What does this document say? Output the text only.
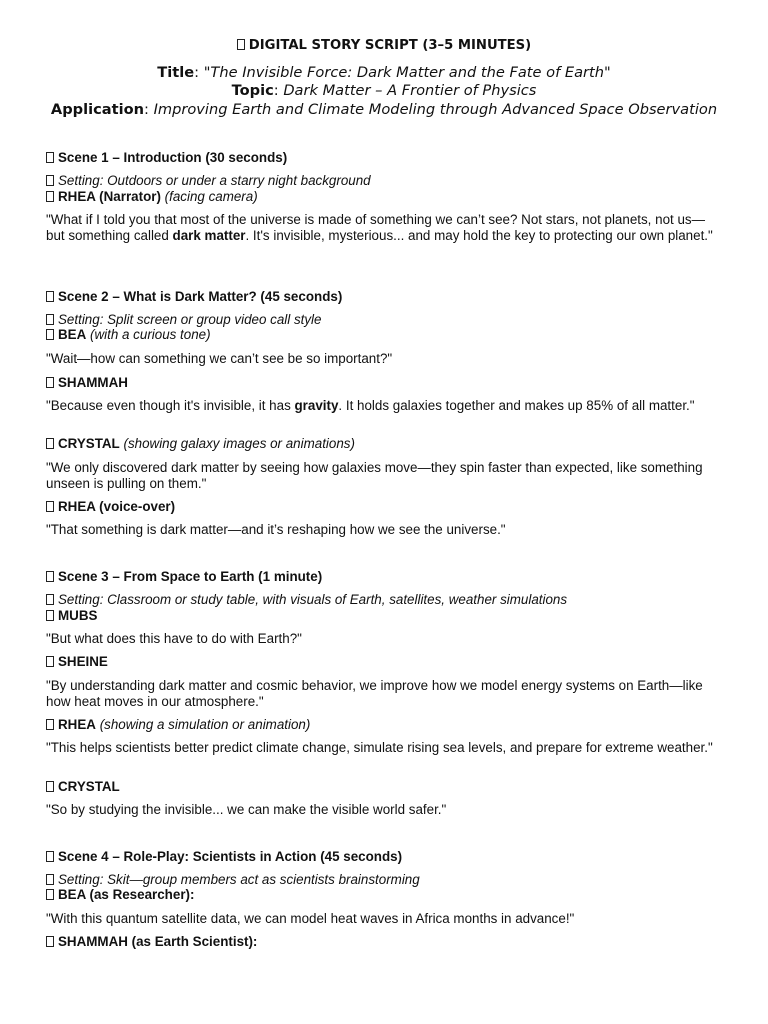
DIGITAL STORY SCRIPT (3–5 MINUTES)
Title: "The Invisible Force: Dark Matter and the Fate of Earth"
Topic: Dark Matter – A Frontier of Physics
Application: Improving Earth and Climate Modeling through Advanced Space Observation
Scene 1 – Introduction (30 seconds)
Setting: Outdoors or under a starry night background
RHEA (Narrator) (facing camera)
"What if I told you that most of the universe is made of something we can’t see? Not stars, not planets, not us—but something called dark matter. It's invisible, mysterious... and may hold the key to protecting our own planet."
Scene 2 – What is Dark Matter? (45 seconds)
Setting: Split screen or group video call style
BEA (with a curious tone)
"Wait—how can something we can’t see be so important?"
SHAMMAH
"Because even though it's invisible, it has gravity. It holds galaxies together and makes up 85% of all matter."
CRYSTAL (showing galaxy images or animations)
"We only discovered dark matter by seeing how galaxies move—they spin faster than expected, like something unseen is pulling on them."
RHEA (voice-over)
"That something is dark matter—and it’s reshaping how we see the universe."
Scene 3 – From Space to Earth (1 minute)
Setting: Classroom or study table, with visuals of Earth, satellites, weather simulations
MUBS
"But what does this have to do with Earth?"
SHEINE
"By understanding dark matter and cosmic behavior, we improve how we model energy systems on Earth—like how heat moves in our atmosphere."
RHEA (showing a simulation or animation)
"This helps scientists better predict climate change, simulate rising sea levels, and prepare for extreme weather."
CRYSTAL
"So by studying the invisible... we can make the visible world safer."
Scene 4 – Role-Play: Scientists in Action (45 seconds)
Setting: Skit—group members act as scientists brainstorming
BEA (as Researcher):
"With this quantum satellite data, we can model heat waves in Africa months in advance!"
SHAMMAH (as Earth Scientist):
